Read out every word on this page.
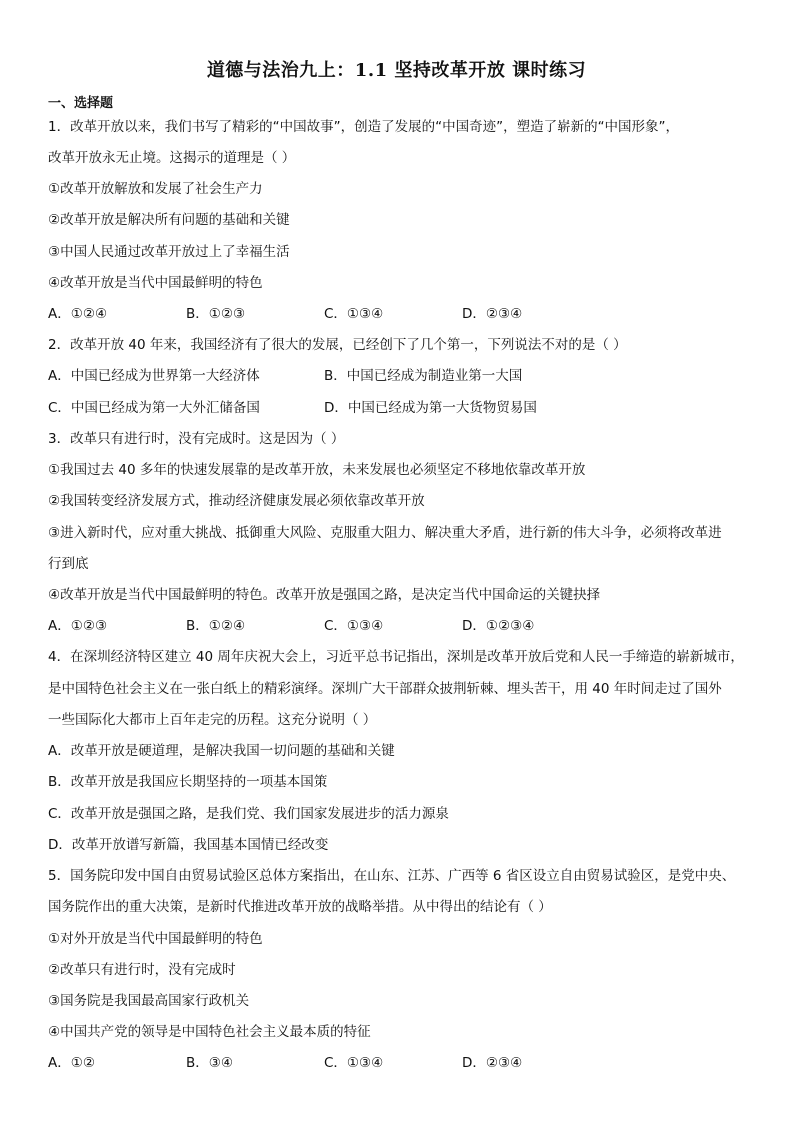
道德与法治九上：1.1 坚持改革开放 课时练习
一、选择题
1．改革开放以来，我们书写了精彩的“中国故事”，创造了发展的“中国奇迹”，塑造了崭新的“中国形象”，
改革开放永无止境。这揭示的道理是（ ）
①改革开放解放和发展了社会生产力
②改革开放是解决所有问题的基础和关键
③中国人民通过改革开放过上了幸福生活
④改革开放是当代中国最鲜明的特色
A．①②④	B．①②③	C．①③④	D．②③④
2．改革开放 40 年来，我国经济有了很大的发展，已经创下了几个第一，下列说法不对的是（ ）
A．中国已经成为世界第一大经济体	B．中国已经成为制造业第一大国
C．中国已经成为第一大外汇储备国	D．中国已经成为第一大货物贸易国
3．改革只有进行时，没有完成时。这是因为（ ）
①我国过去 40 多年的快速发展靠的是改革开放，未来发展也必须坚定不移地依靠改革开放
②我国转变经济发展方式，推动经济健康发展必须依靠改革开放
③进入新时代，应对重大挑战、抵御重大风险、克服重大阻力、解决重大矛盾，进行新的伟大斗争，必须将改革进
行到底
④改革开放是当代中国最鲜明的特色。改革开放是强国之路，是决定当代中国命运的关键抉择
A．①②③	B．①②④	C．①③④	D．①②③④
4．在深圳经济特区建立 40 周年庆祝大会上，习近平总书记指出，深圳是改革开放后党和人民一手缔造的崭新城市，
是中国特色社会主义在一张白纸上的精彩演绎。深圳广大干部群众披荆斩棘、埋头苦干，用 40 年时间走过了国外
一些国际化大都市上百年走完的历程。这充分说明（ ）
A．改革开放是硬道理，是解决我国一切问题的基础和关键
B．改革开放是我国应长期坚持的一项基本国策
C．改革开放是强国之路，是我们党、我们国家发展进步的活力源泉
D．改革开放谱写新篇，我国基本国情已经改变
5．国务院印发中国自由贸易试验区总体方案指出，在山东、江苏、广西等 6 省区设立自由贸易试验区，是党中央、
国务院作出的重大决策，是新时代推进改革开放的战略举措。从中得出的结论有（ ）
①对外开放是当代中国最鲜明的特色
②改革只有进行时，没有完成时
③国务院是我国最高国家行政机关
④中国共产党的领导是中国特色社会主义最本质的特征
A．①②	B．③④	C．①③④	D．②③④
